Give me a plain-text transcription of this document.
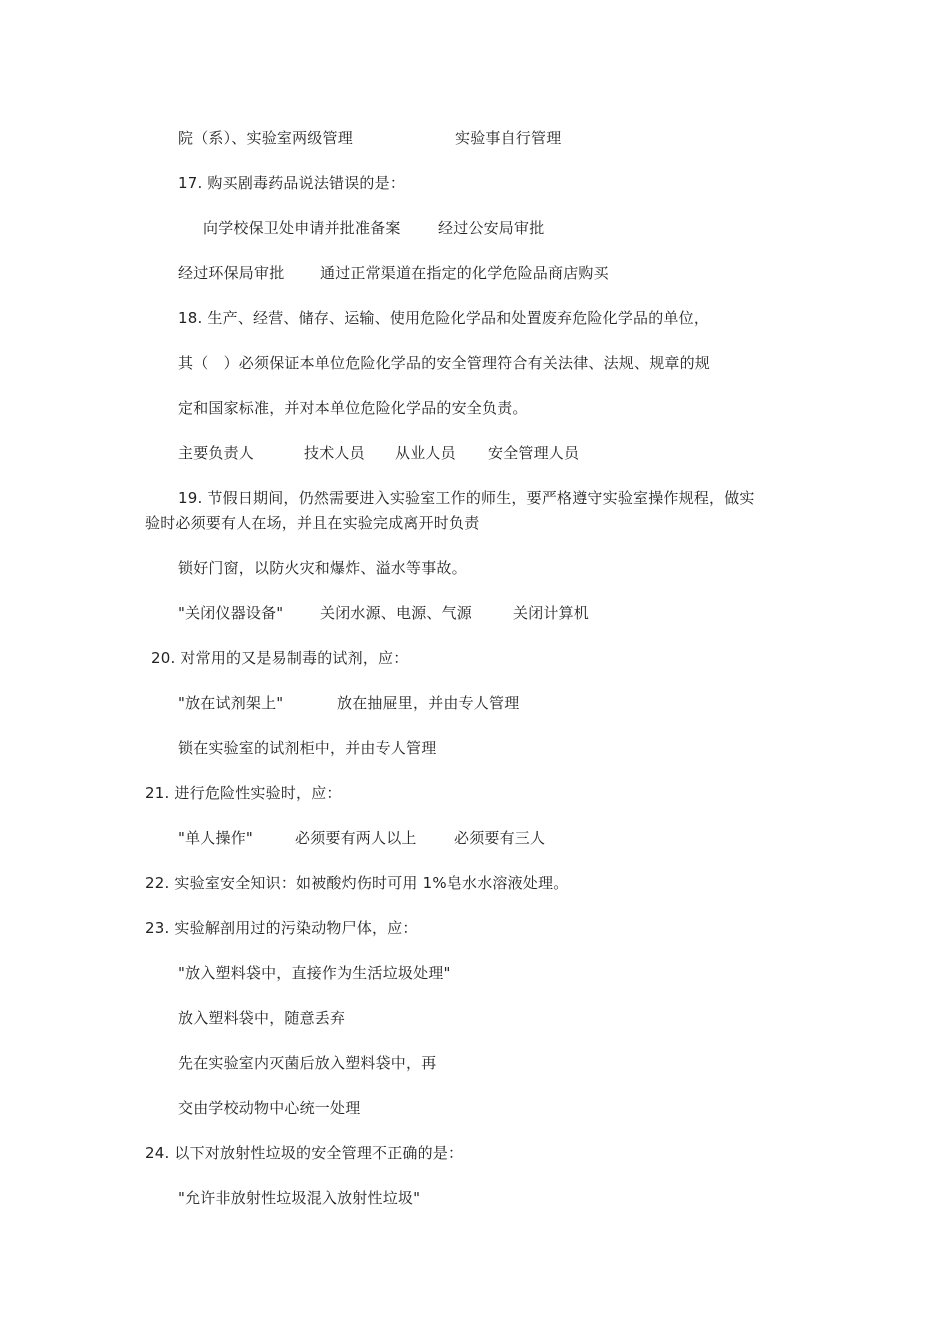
院（系）、实验室两级管理	实验事自行管理
17. 购买剧毒药品说法错误的是：
向学校保卫处申请并批准备案 经过公安局审批
经过环保局审批 通过正常渠道在指定的化学危险品商店购买
18. 生产、经营、储存、运输、使用危险化学品和处置废弃危险化学品的单位，
其（　）必须保证本单位危险化学品的安全管理符合有关法律、法规、规章的规
定和国家标准，并对本单位危险化学品的安全负责。
主要负责人	技术人员 从业人员 安全管理人员
19. 节假日期间，仍然需要进入实验室工作的师生，要严格遵守实验室操作规程，做实
验时必须要有人在场，并且在实验完成离开时负责
锁好门窗，以防火灾和爆炸、溢水等事故。
"关闭仪器设备" 关闭水源、电源、气源	关闭计算机
20. 对常用的又是易制毒的试剂，应：
"放在试剂架上"	放在抽屉里，并由专人管理
锁在实验室的试剂柜中，并由专人管理
21. 进行危险性实验时，应：
"单人操作"	必须要有两人以上 必须要有三人
22. 实验室安全知识：如被酸灼伤时可用 1%皂水水溶液处理。
23. 实验解剖用过的污染动物尸体，应：
"放入塑料袋中，直接作为生活垃圾处理"
放入塑料袋中，随意丢弃
先在实验室内灭菌后放入塑料袋中，再
交由学校动物中心统一处理
24. 以下对放射性垃圾的安全管理不正确的是：
"允许非放射性垃圾混入放射性垃圾"
